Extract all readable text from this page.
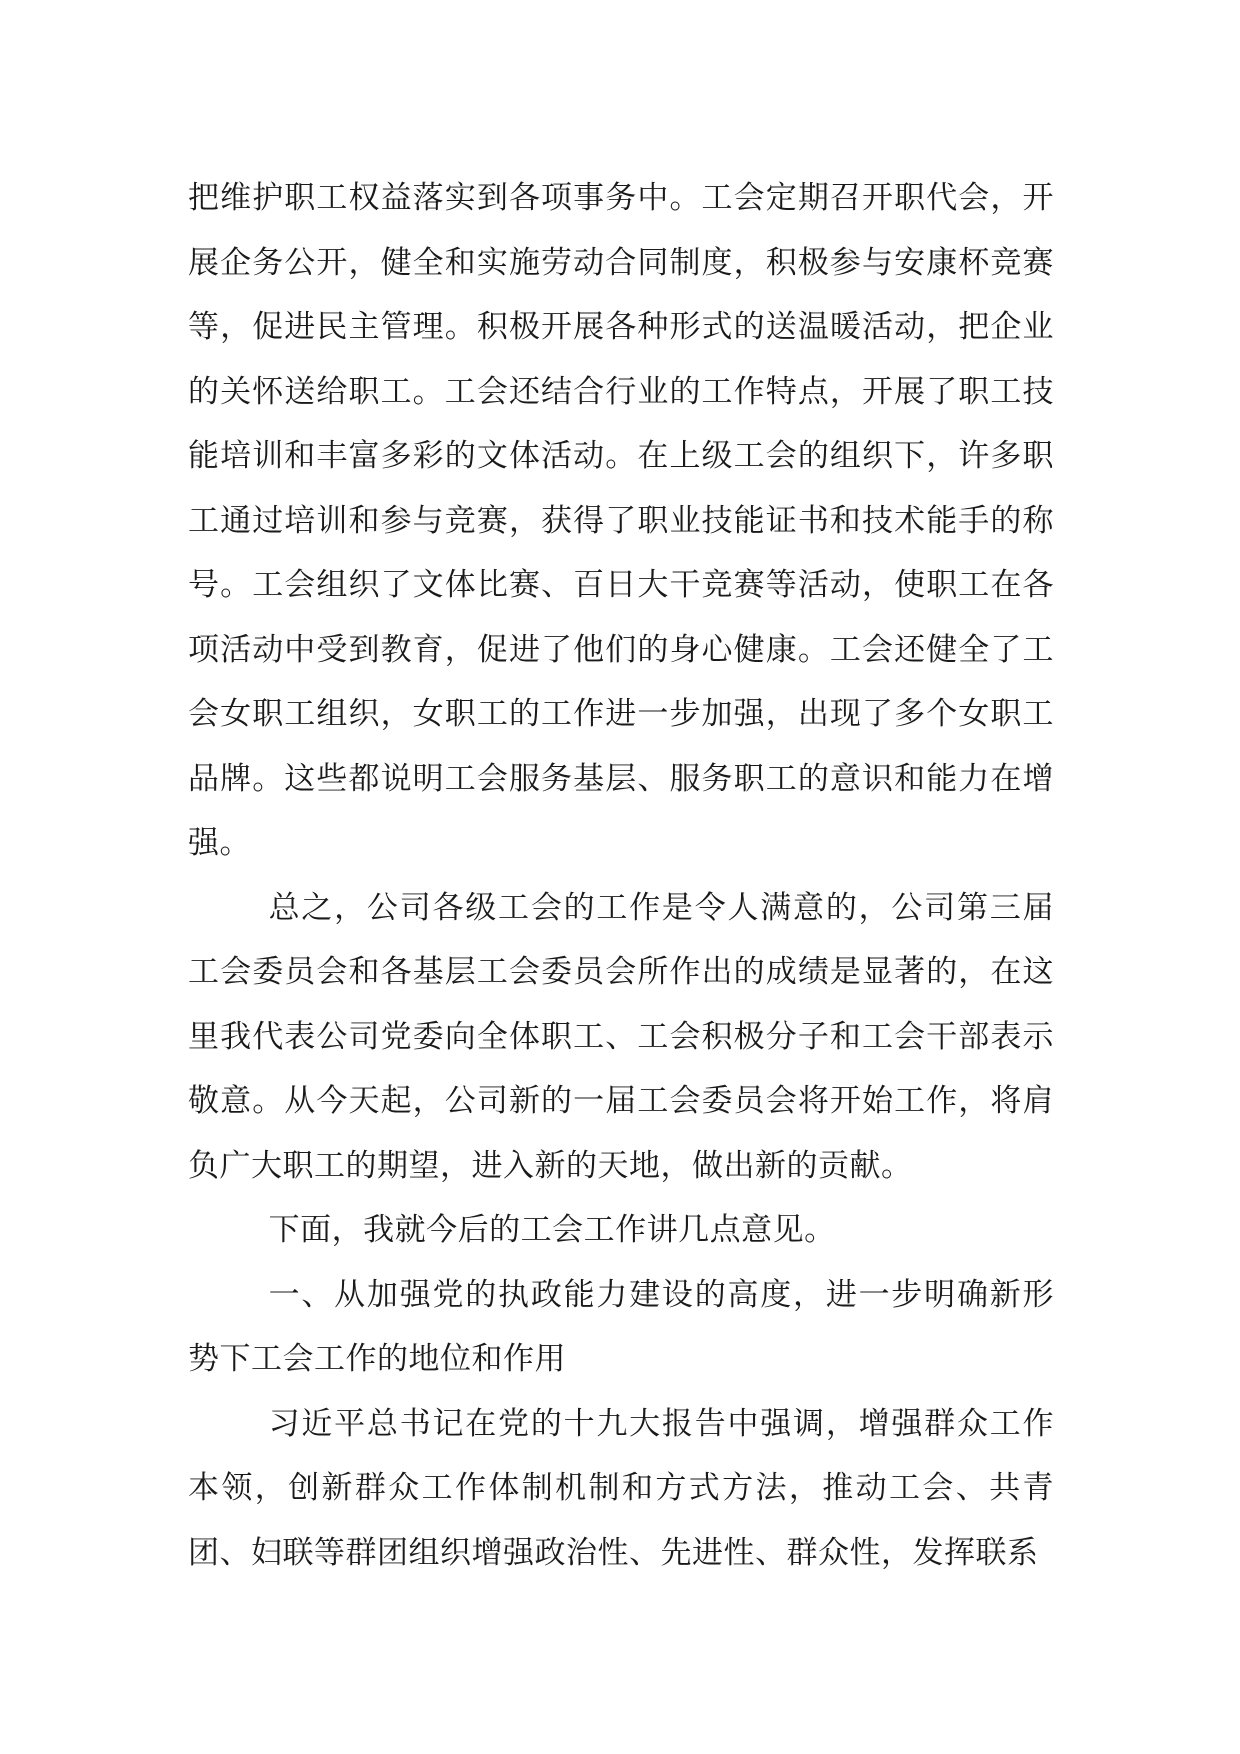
把维护职工权益落实到各项事务中。工会定期召开职代会，开展企务公开，健全和实施劳动合同制度，积极参与安康杯竞赛等，促进民主管理。积极开展各种形式的送温暖活动，把企业的关怀送给职工。工会还结合行业的工作特点，开展了职工技能培训和丰富多彩的文体活动。在上级工会的组织下，许多职工通过培训和参与竞赛，获得了职业技能证书和技术能手的称号。工会组织了文体比赛、百日大干竞赛等活动，使职工在各项活动中受到教育，促进了他们的身心健康。工会还健全了工会女职工组织，女职工的工作进一步加强，出现了多个女职工品牌。这些都说明工会服务基层、服务职工的意识和能力在增强。

总之，公司各级工会的工作是令人满意的，公司第三届工会委员会和各基层工会委员会所作出的成绩是显著的，在这里我代表公司党委向全体职工、工会积极分子和工会干部表示敬意。从今天起，公司新的一届工会委员会将开始工作，将肩负广大职工的期望，进入新的天地，做出新的贡献。

下面，我就今后的工会工作讲几点意见。

一、从加强党的执政能力建设的高度，进一步明确新形势下工会工作的地位和作用

习近平总书记在党的十九大报告中强调，增强群众工作本领，创新群众工作体制机制和方式方法，推动工会、共青团、妇联等群团组织增强政治性、先进性、群众性，发挥联系
